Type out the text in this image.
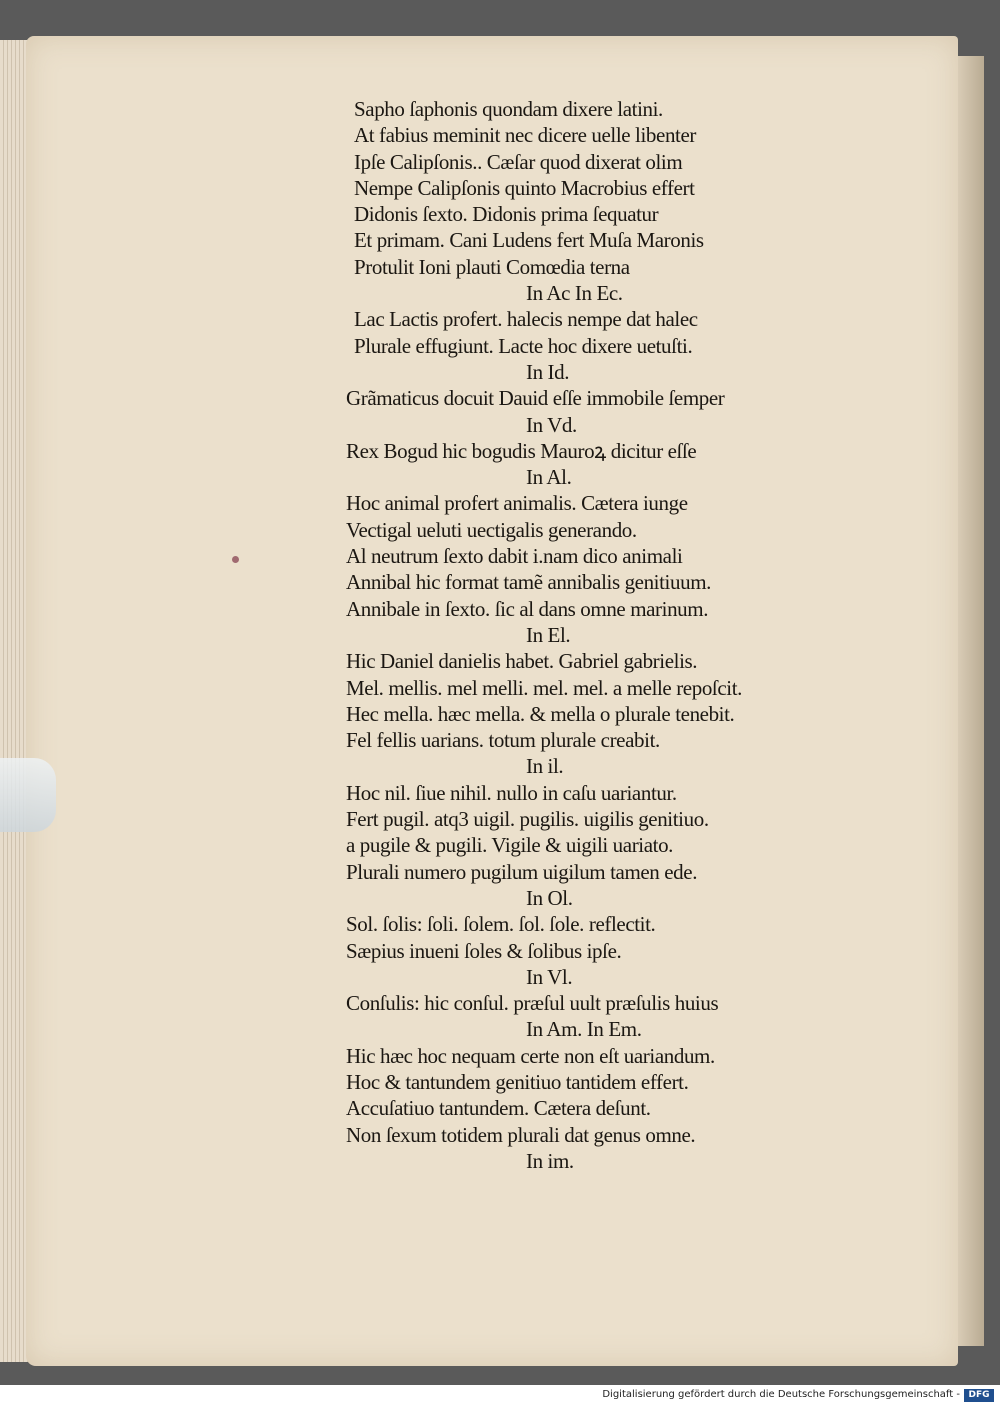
Sapho ſaphonis quondam dixere latini.
At fabius meminit nec dicere uelle libenter
Ipſe Calipſonis.. Cæſar quod dixerat olim
Nempe Calipſonis quinto Macrobius effert
Didonis ſexto. Didonis prima ſequatur
Et primam. Cani Ludens fert Muſa Maronis
Protulit Ioni plauti Comœdia terna
In Ac In Ec.
Lac Lactis profert. halecis nempe dat halec
Plurale effugiunt. Lacte hoc dixere uetuſti.
In Id.
Grãmaticus docuit Dauid eſſe immobile ſemper
In Vd.
Rex Bogud hic bogudis Mauroꝝ dicitur eſſe
In Al.
Hoc animal profert animalis. Cætera iunge
Vectigal ueluti uectigalis generando.
Al neutrum ſexto dabit i.nam dico animali
Annibal hic format tamẽ annibalis genitiuum.
Annibale in ſexto. ſic al dans omne marinum.
In El.
Hic Daniel danielis habet. Gabriel gabrielis.
Mel. mellis. mel melli. mel. mel. a melle repoſcit.
Hec mella. hæc mella. & mella o plurale tenebit.
Fel fellis uarians. totum plurale creabit.
In il.
Hoc nil. ſiue nihil. nullo in caſu uariantur.
Fert pugil. atq3 uigil. pugilis. uigilis genitiuo.
a pugile & pugili. Vigile & uigili uariato.
Plurali numero pugilum uigilum tamen ede.
In Ol.
Sol. ſolis: ſoli. ſolem. ſol. ſole. reflectit.
Sæpius inueni ſoles & ſolibus ipſe.
In Vl.
Conſulis: hic conſul. præſul uult præſulis huius
In Am. In Em.
Hic hæc hoc nequam certe non eſt uariandum.
Hoc & tantundem genitiuo tantidem effert.
Accuſatiuo tantundem. Cætera deſunt.
Non ſexum totidem plurali dat genus omne.
In im.
Digitalisierung gefördert durch die Deutsche Forschungsgemeinschaft - DFG
